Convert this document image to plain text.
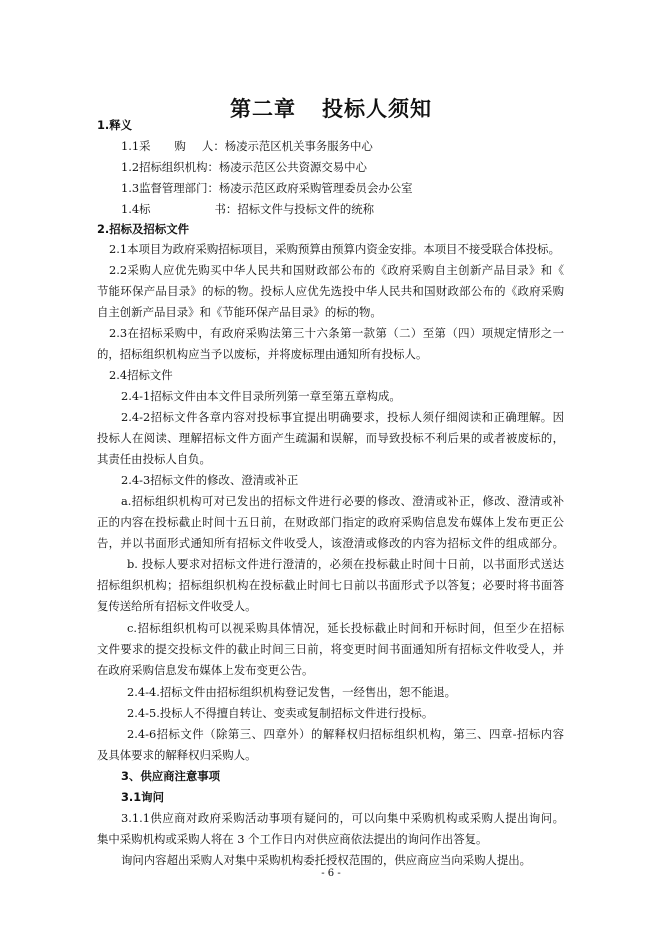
第二章 投标人须知

1.释义

1.1采 购 人：杨凌示范区机关事务服务中心

1.2招标组织机构：杨凌示范区公共资源交易中心

1.3监督管理部门：杨凌示范区政府采购管理委员会办公室

1.4标	书：招标文件与投标文件的统称

2.招标及招标文件

2.1本项目为政府采购招标项目，采购预算由预算内资金安排。本项目不接受联合体投标。

2.2采购人应优先购买中华人民共和国财政部公布的《政府采购自主创新产品目录》和《

节能环保产品目录》的标的物。投标人应优先选投中华人民共和国财政部公布的《政府采购

自主创新产品目录》和《节能环保产品目录》的标的物。

2.3在招标采购中，有政府采购法第三十六条第一款第（二）至第（四）项规定情形之一

的，招标组织机构应当予以废标，并将废标理由通知所有投标人。

2.4招标文件

2.4-1招标文件由本文件目录所列第一章至第五章构成。

2.4-2招标文件各章内容对投标事宜提出明确要求，投标人须仔细阅读和正确理解。因

投标人在阅读、理解招标文件方面产生疏漏和误解，而导致投标不利后果的或者被废标的，

其责任由投标人自负。

2.4-3招标文件的修改、澄清或补正

a.招标组织机构可对已发出的招标文件进行必要的修改、澄清或补正，修改、澄清或补

正的内容在投标截止时间十五日前，在财政部门指定的政府采购信息发布媒体上发布更正公

告，并以书面形式通知所有招标文件收受人，该澄清或修改的内容为招标文件的组成部分。

b. 投标人要求对招标文件进行澄清的，必须在投标截止时间十日前，以书面形式送达

招标组织机构；招标组织机构在投标截止时间七日前以书面形式予以答复；必要时将书面答

复传送给所有招标文件收受人。

c.招标组织机构可以视采购具体情况，延长投标截止时间和开标时间，但至少在招标

文件要求的提交投标文件的截止时间三日前，将变更时间书面通知所有招标文件收受人，并

在政府采购信息发布媒体上发布变更公告。

2.4-4.招标文件由招标组织机构登记发售，一经售出，恕不能退。

2.4-5.投标人不得擅自转让、变卖或复制招标文件进行投标。

2.4-6招标文件（除第三、四章外）的解释权归招标组织机构，第三、四章-招标内容

及具体要求的解释权归采购人。

3、供应商注意事项

3.1询问

3.1.1供应商对政府采购活动事项有疑问的，可以向集中采购机构或采购人提出询问。

集中采购机构或采购人将在 3 个工作日内对供应商依法提出的询问作出答复。

询问内容超出采购人对集中采购机构委托授权范围的，供应商应当向采购人提出。

- 6 -
